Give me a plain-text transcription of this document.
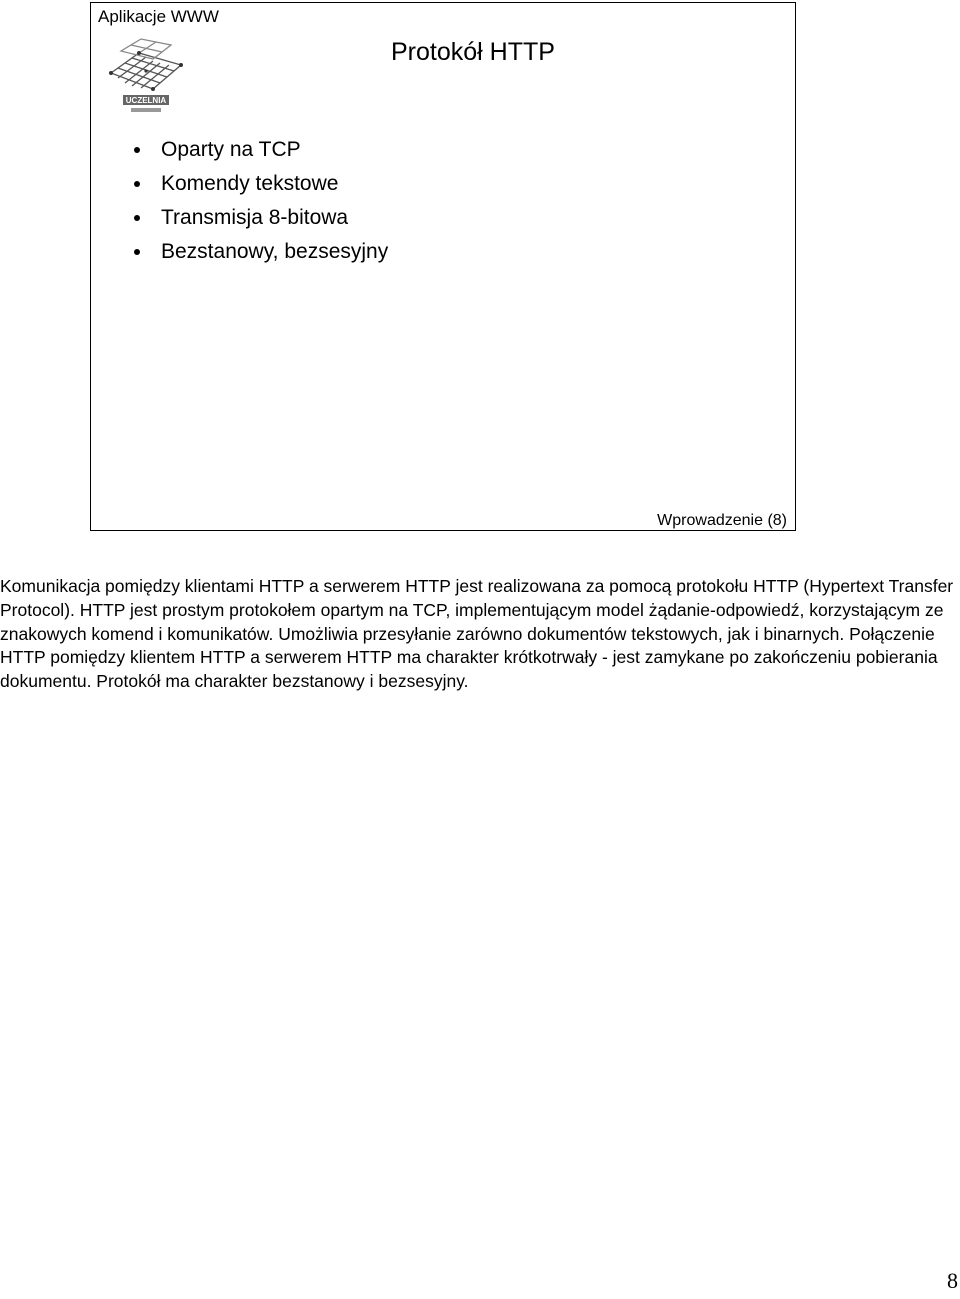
Aplikacje WWW
UCZELNIA
Protokół HTTP
Oparty na TCP
Komendy tekstowe
Transmisja 8-bitowa
Bezstanowy, bezsesyjny
Wprowadzenie (8)

Komunikacja pomiędzy klientami HTTP a serwerem HTTP jest realizowana za pomocą protokołu HTTP (Hypertext Transfer Protocol). HTTP jest prostym protokołem opartym na TCP, implementującym model żądanie-odpowiedź, korzystającym ze znakowych komend i komunikatów. Umożliwia przesyłanie zarówno dokumentów tekstowych, jak i binarnych. Połączenie HTTP pomiędzy klientem HTTP a serwerem HTTP ma charakter krótkotrwały - jest zamykane po zakończeniu pobierania dokumentu. Protokół ma charakter bezstanowy i bezsesyjny.

8
